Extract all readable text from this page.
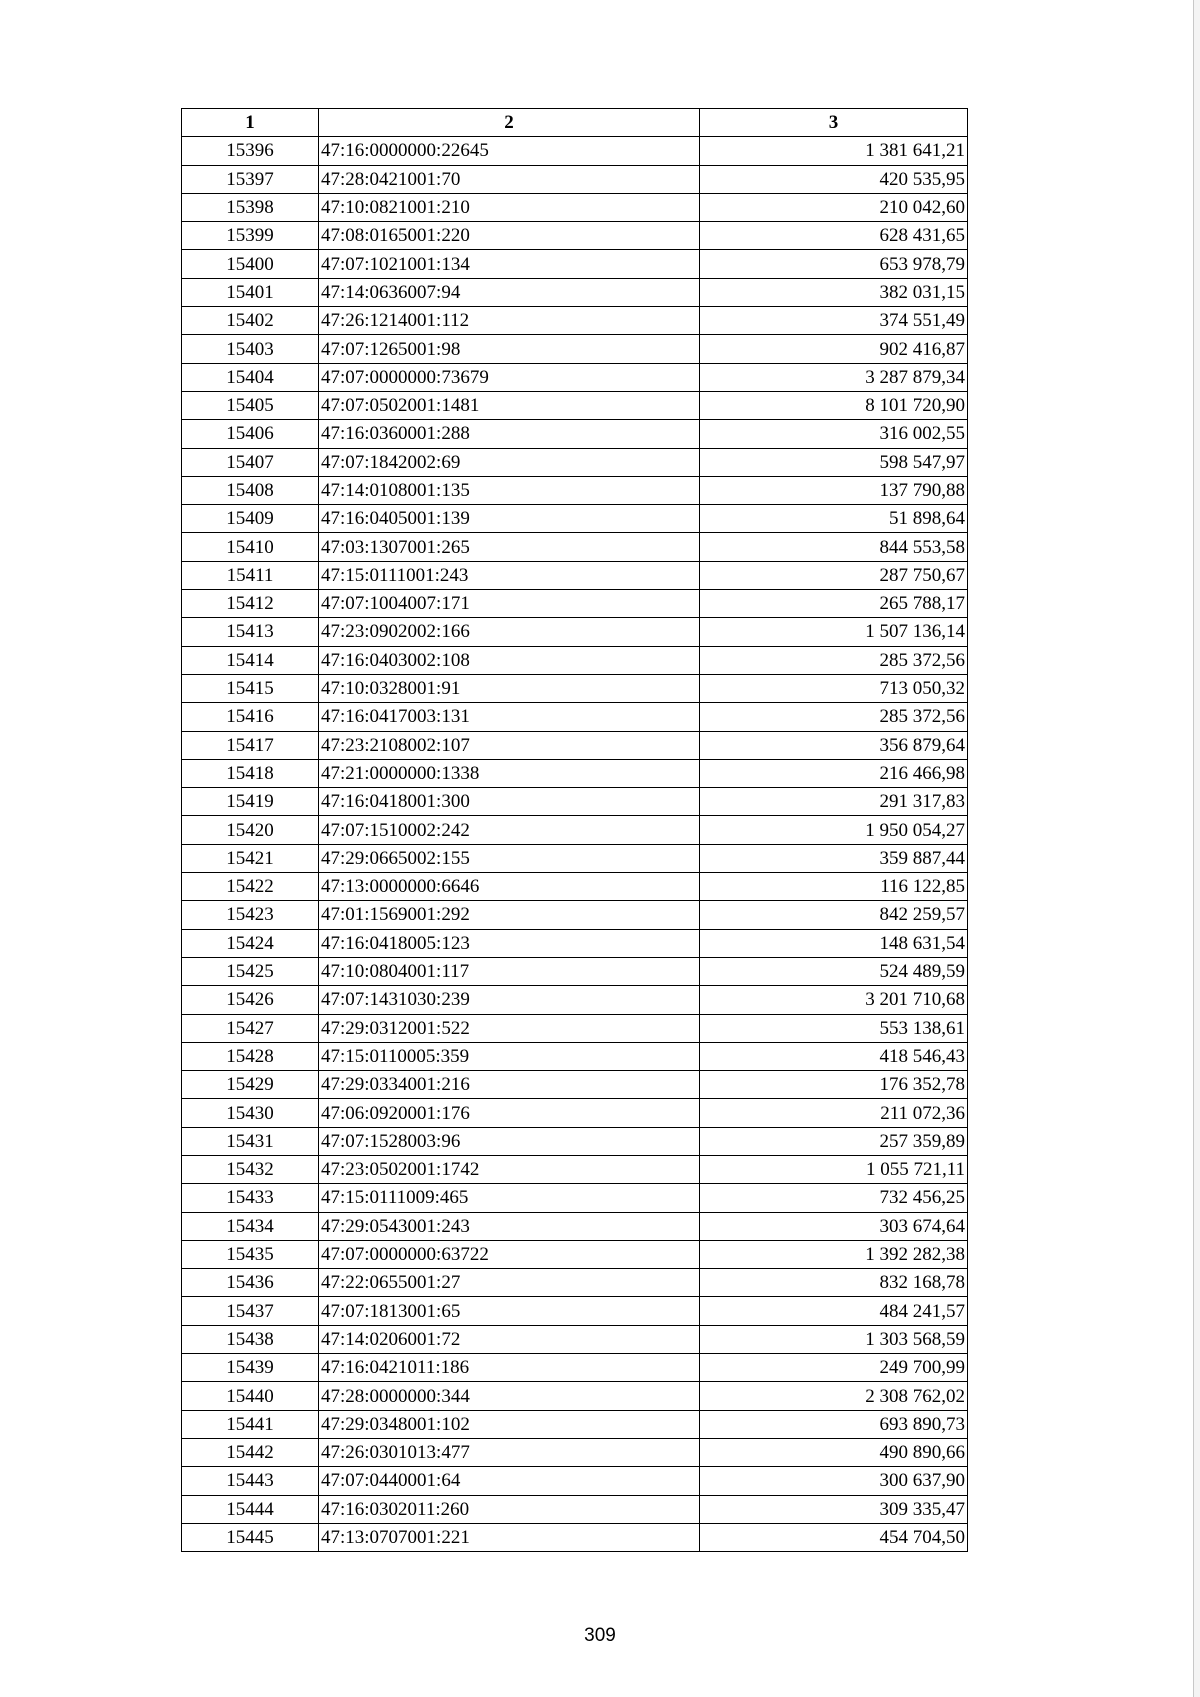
1	2	3
15396	47:16:0000000:22645	1 381 641,21
15397	47:28:0421001:70	420 535,95
15398	47:10:0821001:210	210 042,60
15399	47:08:0165001:220	628 431,65
15400	47:07:1021001:134	653 978,79
15401	47:14:0636007:94	382 031,15
15402	47:26:1214001:112	374 551,49
15403	47:07:1265001:98	902 416,87
15404	47:07:0000000:73679	3 287 879,34
15405	47:07:0502001:1481	8 101 720,90
15406	47:16:0360001:288	316 002,55
15407	47:07:1842002:69	598 547,97
15408	47:14:0108001:135	137 790,88
15409	47:16:0405001:139	51 898,64
15410	47:03:1307001:265	844 553,58
15411	47:15:0111001:243	287 750,67
15412	47:07:1004007:171	265 788,17
15413	47:23:0902002:166	1 507 136,14
15414	47:16:0403002:108	285 372,56
15415	47:10:0328001:91	713 050,32
15416	47:16:0417003:131	285 372,56
15417	47:23:2108002:107	356 879,64
15418	47:21:0000000:1338	216 466,98
15419	47:16:0418001:300	291 317,83
15420	47:07:1510002:242	1 950 054,27
15421	47:29:0665002:155	359 887,44
15422	47:13:0000000:6646	116 122,85
15423	47:01:1569001:292	842 259,57
15424	47:16:0418005:123	148 631,54
15425	47:10:0804001:117	524 489,59
15426	47:07:1431030:239	3 201 710,68
15427	47:29:0312001:522	553 138,61
15428	47:15:0110005:359	418 546,43
15429	47:29:0334001:216	176 352,78
15430	47:06:0920001:176	211 072,36
15431	47:07:1528003:96	257 359,89
15432	47:23:0502001:1742	1 055 721,11
15433	47:15:0111009:465	732 456,25
15434	47:29:0543001:243	303 674,64
15435	47:07:0000000:63722	1 392 282,38
15436	47:22:0655001:27	832 168,78
15437	47:07:1813001:65	484 241,57
15438	47:14:0206001:72	1 303 568,59
15439	47:16:0421011:186	249 700,99
15440	47:28:0000000:344	2 308 762,02
15441	47:29:0348001:102	693 890,73
15442	47:26:0301013:477	490 890,66
15443	47:07:0440001:64	300 637,90
15444	47:16:0302011:260	309 335,47
15445	47:13:0707001:221	454 704,50
309
